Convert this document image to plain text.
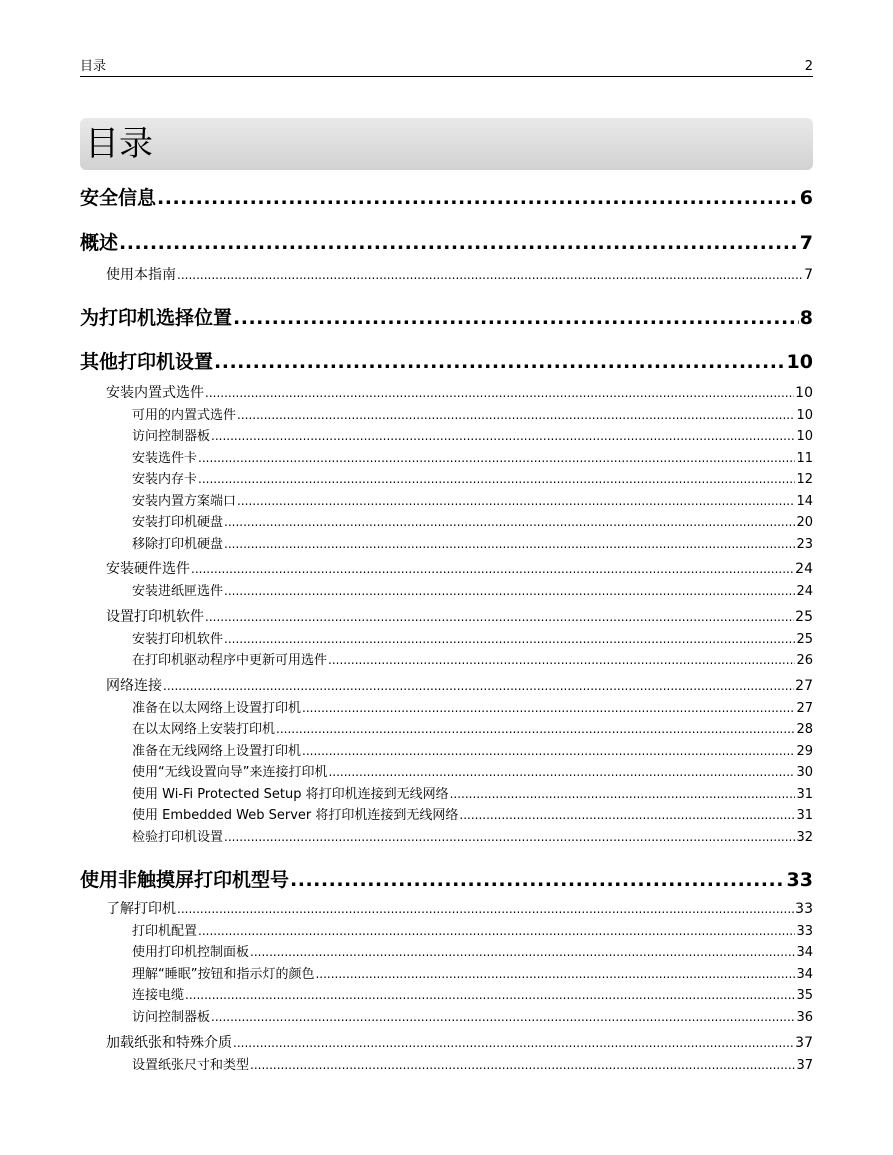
目录	2
目录
安全信息 .....	6
概述 .....	7
使用本指南 .....	7
为打印机选择位置 .....	8
其他打印机设置 .....	10
安装内置式选件 .....	10
可用的内置式选件 .....	10
访问控制器板 .....	10
安装选件卡 .....	11
安装内存卡 .....	12
安装内置方案端口 .....	14
安装打印机硬盘 .....	20
移除打印机硬盘 .....	23
安装硬件选件 .....	24
安装进纸匣选件 .....	24
设置打印机软件 .....	25
安装打印机软件 .....	25
在打印机驱动程序中更新可用选件 .....	26
网络连接 .....	27
准备在以太网络上设置打印机 .....	27
在以太网络上安装打印机 .....	28
准备在无线网络上设置打印机 .....	29
使用“无线设置向导”来连接打印机 .....	30
使用 Wi-Fi Protected Setup 将打印机连接到无线网络 .....	31
使用 Embedded Web Server 将打印机连接到无线网络 .....	31
检验打印机设置 .....	32
使用非触摸屏打印机型号 .....	33
了解打印机 .....	33
打印机配置 .....	33
使用打印机控制面板 .....	34
理解“睡眠”按钮和指示灯的颜色 .....	34
连接电缆 .....	35
访问控制器板 .....	36
加载纸张和特殊介质 .....	37
设置纸张尺寸和类型 .....	37
